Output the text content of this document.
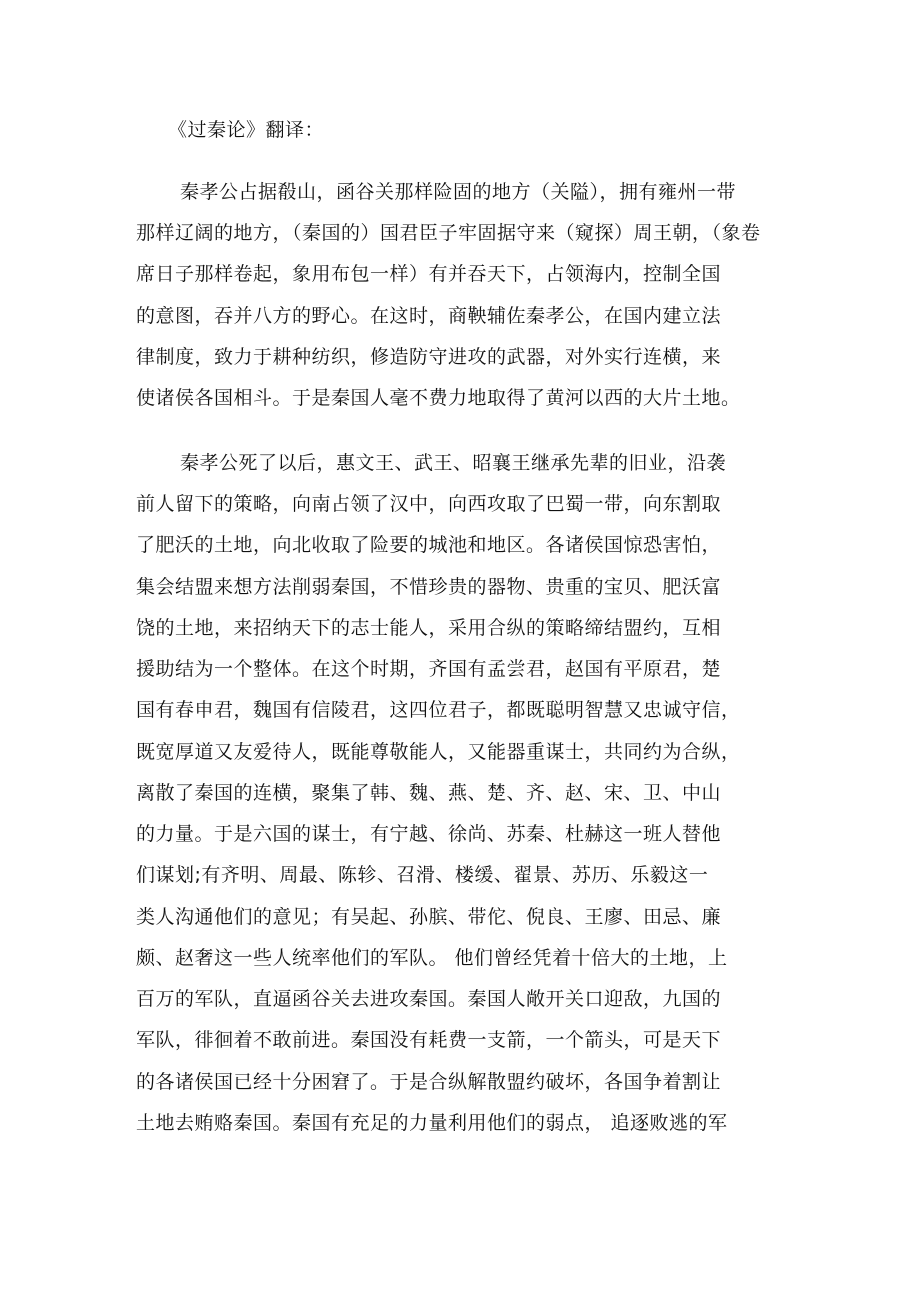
《过秦论》翻译：
秦孝公占据殽山，函谷关那样险固的地方（关隘），拥有雍州一带
那样辽阔的地方，（秦国的）国君臣子牢固据守来（窥探）周王朝，（象卷
席日子那样卷起，象用布包一样）有并吞天下，占领海内，控制全国
的意图，吞并八方的野心。在这时，商鞅辅佐秦孝公，在国内建立法
律制度，致力于耕种纺织，修造防守进攻的武器，对外实行连横，来
使诸侯各国相斗。于是秦国人毫不费力地取得了黄河以西的大片土地。
秦孝公死了以后，惠文王、武王、昭襄王继承先辈的旧业，沿袭
前人留下的策略，向南占领了汉中，向西攻取了巴蜀一带，向东割取
了肥沃的土地，向北收取了险要的城池和地区。各诸侯国惊恐害怕，
集会结盟来想方法削弱秦国，不惜珍贵的器物、贵重的宝贝、肥沃富
饶的土地，来招纳天下的志士能人，采用合纵的策略缔结盟约，互相
援助结为一个整体。在这个时期，齐国有孟尝君，赵国有平原君，楚
国有春申君，魏国有信陵君，这四位君子，都既聪明智慧又忠诚守信，
既宽厚道又友爱待人，既能尊敬能人，又能器重谋士，共同约为合纵，
离散了秦国的连横，聚集了韩、魏、燕、楚、齐、赵、宋、卫、中山
的力量。于是六国的谋士，有宁越、徐尚、苏秦、杜赫这一班人替他
们谋划;有齐明、周最、陈轸、召滑、楼缓、翟景、苏历、乐毅这一
类人沟通他们的意见；有吴起、孙膑、带佗、倪良、王廖、田忌、廉
颇、赵奢这一些人统率他们的军队。 他们曾经凭着十倍大的土地，上
百万的军队，直逼函谷关去进攻秦国。秦国人敞开关口迎敌，九国的
军队，徘徊着不敢前进。秦国没有耗费一支箭，一个箭头，可是天下
的各诸侯国已经十分困窘了。于是合纵解散盟约破坏，各国争着割让
土地去贿赂秦国。秦国有充足的力量利用他们的弱点， 追逐败逃的军
